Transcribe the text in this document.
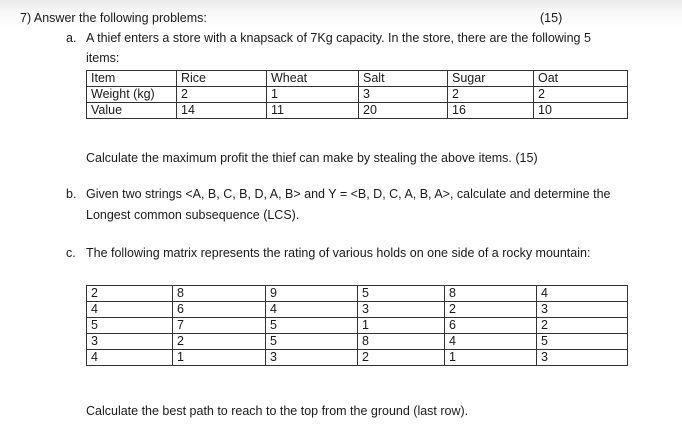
7) Answer the following problems:	(15)
a. A thief enters a store with a knapsack of 7Kg capacity. In the store, there are the following 5
items:
Item	Rice	Wheat	Salt	Sugar	Oat
Weight (kg)	2	1	3	2	2
Value	14	11	20	16	10
Calculate the maximum profit the thief can make by stealing the above items. (15)
b. Given two strings <A, B, C, B, D, A, B> and Y = <B, D, C, A, B, A>, calculate and determine the
Longest common subsequence (LCS).
c. The following matrix represents the rating of various holds on one side of a rocky mountain:
2	8	9	5	8	4
4	6	4	3	2	3
5	7	5	1	6	2
3	2	5	8	4	5
4	1	3	2	1	3
Calculate the best path to reach to the top from the ground (last row).
